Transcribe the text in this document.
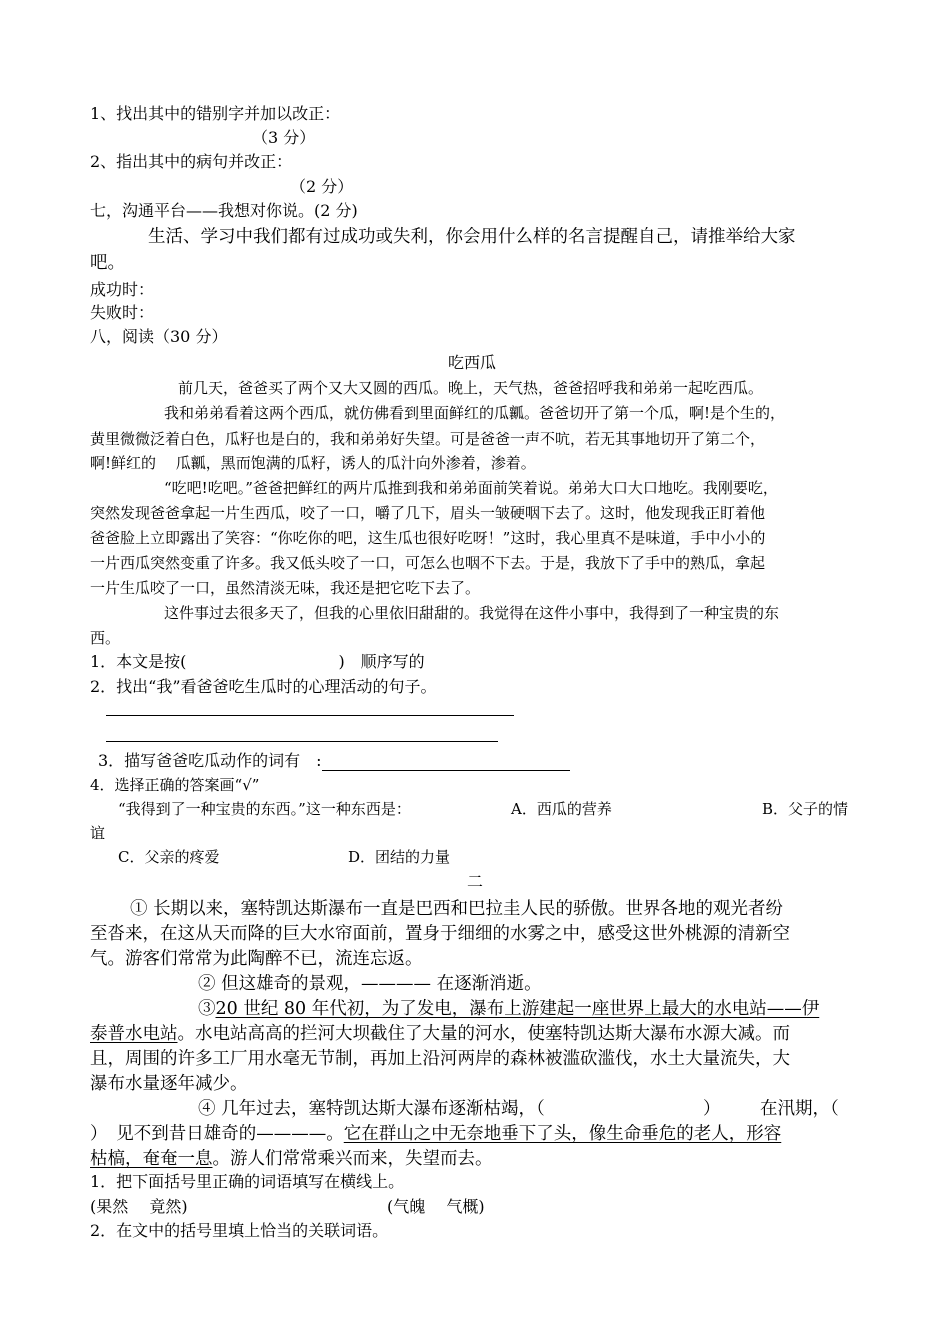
1、找出其中的错别字并加以改正：
（3 分）
2、指出其中的病句并改正：
（2 分）
七，沟通平台——我想对你说。(2 分)
生活、学习中我们都有过成功或失利，你会用什么样的名言提醒自己，请推举给大家
吧。
成功时：
失败时：
八，阅读（30 分）
吃西瓜
前几天，爸爸买了两个又大又圆的西瓜。晚上，天气热，爸爸招呼我和弟弟一起吃西瓜。
我和弟弟看着这两个西瓜，就仿佛看到里面鲜红的瓜瓤。爸爸切开了第一个瓜，啊!是个生的，
黄里微微泛着白色，瓜籽也是白的，我和弟弟好失望。可是爸爸一声不吭，若无其事地切开了第二个，
啊!鲜红的　 瓜瓤，黑而饱满的瓜籽，诱人的瓜汁向外渗着，渗着。
“吃吧!吃吧。”爸爸把鲜红的两片瓜推到我和弟弟面前笑着说。弟弟大口大口地吃。我刚要吃，
突然发现爸爸拿起一片生西瓜，咬了一口，嚼了几下，眉头一皱硬咽下去了。这时，他发现我正盯着他
爸爸脸上立即露出了笑容：“你吃你的吧，这生瓜也很好吃呀！”这时，我心里真不是味道，手中小小的
一片西瓜突然变重了许多。我又低头咬了一口，可怎么也咽不下去。于是，我放下了手中的熟瓜，拿起
一片生瓜咬了一口，虽然清淡无味，我还是把它吃下去了。
这件事过去很多天了，但我的心里依旧甜甜的。我觉得在这件小事中，我得到了一种宝贵的东
西。
1．本文是按(	)　顺序写的
2．找出“我”看爸爸吃生瓜时的心理活动的句子。
3．描写爸爸吃瓜动作的词有　:
4．选择正确的答案画“√”
“我得到了一种宝贵的东西。”这一种东西是：	A．西瓜的营养	B．父子的情
谊
C．父亲的疼爱	D．团结的力量
二
① 长期以来，塞特凯达斯瀑布一直是巴西和巴拉圭人民的骄傲。世界各地的观光者纷
至沓来，在这从天而降的巨大水帘面前，置身于细细的水雾之中，感受这世外桃源的清新空
气。游客们常常为此陶醉不已，流连忘返。
② 但这雄奇的景观，———— 在逐渐消逝。
③20 世纪 80 年代初，为了发电，瀑布上游建起一座世界上最大的水电站——伊
泰普水电站。水电站高高的拦河大坝截住了大量的河水，使塞特凯达斯大瀑布水源大减。而
且，周围的许多工厂用水毫无节制，再加上沿河两岸的森林被滥砍滥伐，水土大量流失，大
瀑布水量逐年减少。
④ 几年过去，塞特凯达斯大瀑布逐渐枯竭，（	） 在汛期，（
）　见不到昔日雄奇的————。它在群山之中无奈地垂下了头，像生命垂危的老人，形容
枯槁，奄奄一息。游人们常常乘兴而来，失望而去。
1．把下面括号里正确的词语填写在横线上。
(果然　 竟然)	(气魄　 气概)
2．在文中的括号里填上恰当的关联词语。
